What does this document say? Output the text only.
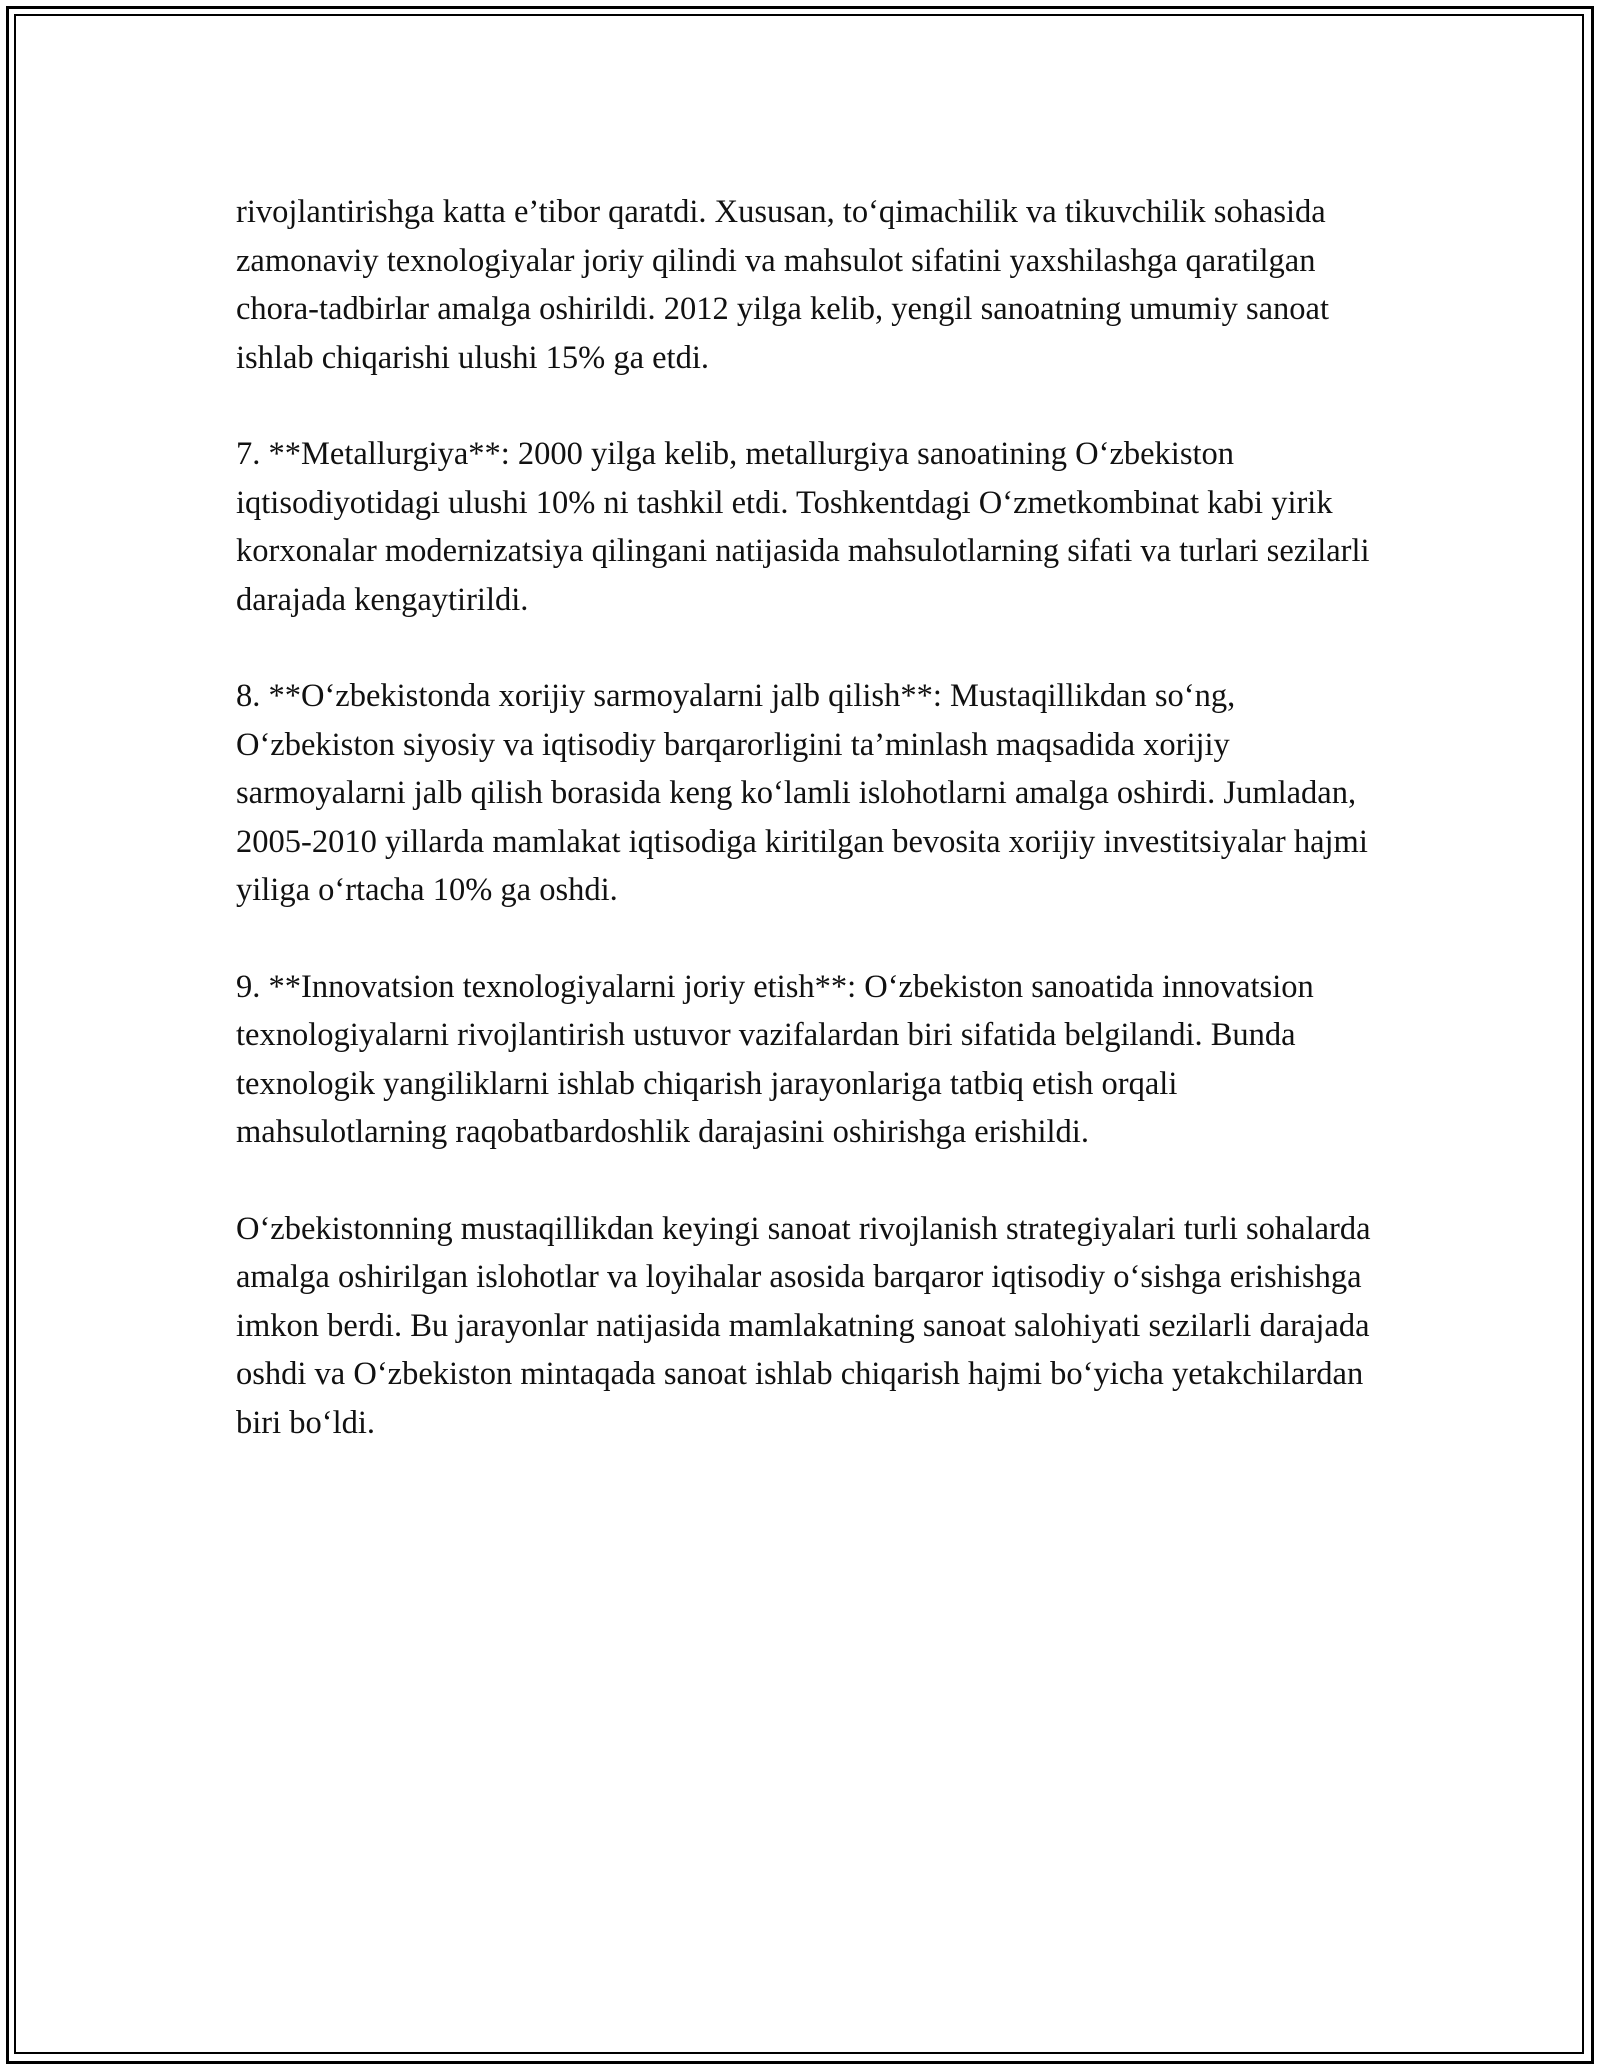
rivojlantirishga katta e’tibor qaratdi. Xususan, to‘qimachilik va tikuvchilik sohasida zamonaviy texnologiyalar joriy qilindi va mahsulot sifatini yaxshilashga qaratilgan chora-tadbirlar amalga oshirildi. 2012 yilga kelib, yengil sanoatning umumiy sanoat ishlab chiqarishi ulushi 15% ga etdi.

7. **Metallurgiya**: 2000 yilga kelib, metallurgiya sanoatining O‘zbekiston iqtisodiyotidagi ulushi 10% ni tashkil etdi. Toshkentdagi O‘zmetkombinat kabi yirik korxonalar modernizatsiya qilingani natijasida mahsulotlarning sifati va turlari sezilarli darajada kengaytirildi.

8. **O‘zbekistonda xorijiy sarmoyalarni jalb qilish**: Mustaqillikdan so‘ng, O‘zbekiston siyosiy va iqtisodiy barqarorligini ta’minlash maqsadida xorijiy sarmoyalarni jalb qilish borasida keng ko‘lamli islohotlarni amalga oshirdi. Jumladan, 2005-2010 yillarda mamlakat iqtisodiga kiritilgan bevosita xorijiy investitsiyalar hajmi yiliga o‘rtacha 10% ga oshdi.

9. **Innovatsion texnologiyalarni joriy etish**: O‘zbekiston sanoatida innovatsion texnologiyalarni rivojlantirish ustuvor vazifalardan biri sifatida belgilandi. Bunda texnologik yangiliklarni ishlab chiqarish jarayonlariga tatbiq etish orqali mahsulotlarning raqobatbardoshlik darajasini oshirishga erishildi.

O‘zbekistonning mustaqillikdan keyingi sanoat rivojlanish strategiyalari turli sohalarda amalga oshirilgan islohotlar va loyihalar asosida barqaror iqtisodiy o‘sishga erishishga imkon berdi. Bu jarayonlar natijasida mamlakatning sanoat salohiyati sezilarli darajada oshdi va O‘zbekiston mintaqada sanoat ishlab chiqarish hajmi bo‘yicha yetakchilardan biri bo‘ldi.
